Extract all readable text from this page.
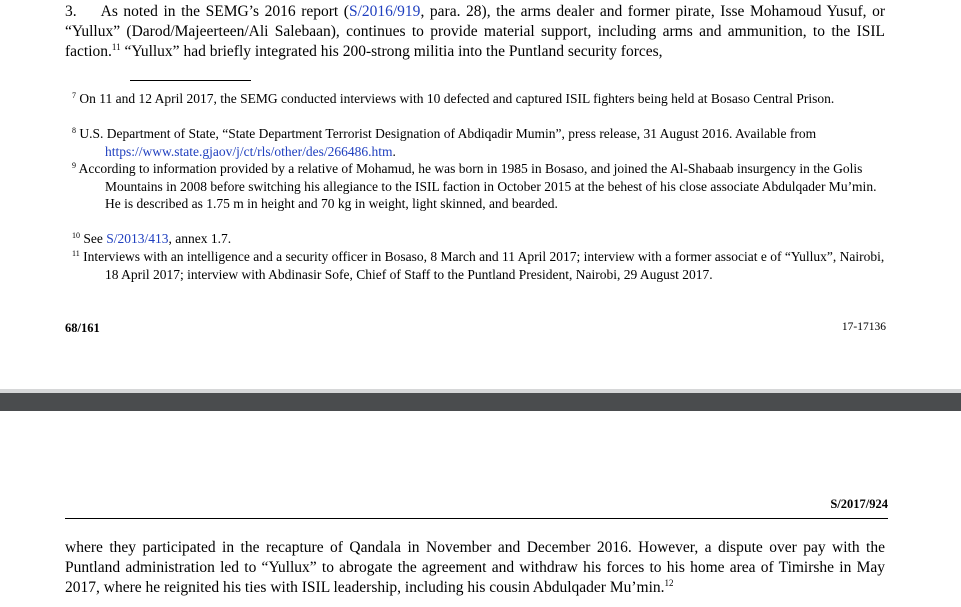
3. As noted in the SEMG’s 2016 report (S/2016/919, para. 28), the arms dealer and former pirate, Isse Mohamoud Yusuf, or “Yullux” (Darod/Majeerteen/Ali Salebaan), continues to provide material support, including arms and ammunition, to the ISIL faction.$^{11}$ “Yullux” had briefly integrated his 200-strong militia into the Puntland security forces,
$^7$ On 11 and 12 April 2017, the SEMG conducted interviews with 10 defected and captured ISIL fighters being held at Bosaso Central Prison.
$^8$ U.S. Department of State, “State Department Terrorist Designation of Abdiqadir Mumin”, press release, 31 August 2016. Available from https://www.state.gjaov/j/ct/rls/other/des/266486.htm.
$^9$ According to information provided by a relative of Mohamud, he was born in 1985 in Bosaso, and joined the Al-Shabaab insurgency in the Golis Mountains in 2008 before switching his allegiance to the ISIL faction in October 2015 at the behest of his close associate Abdulqader Mu’min. He is described as 1.75 m in height and 70 kg in weight, light skinned, and bearded.
$^{10}$ See S/2013/413, annex 1.7.
$^{11}$ Interviews with an intelligence and a security officer in Bosaso, 8 March and 11 April 2017; interview with a former associat e of “Yullux”, Nairobi, 18 April 2017; interview with Abdinasir Sofe, Chief of Staff to the Puntland President, Nairobi, 29 August 2017.
68/161	17-17136
S/2017/924
where they participated in the recapture of Qandala in November and December 2016. However, a dispute over pay with the Puntland administration led to “Yullux” to abrogate the agreement and withdraw his forces to his home area of Timirshe in May 2017, where he reignited his ties with ISIL leadership, including his cousin Abdulqader Mu’min.$^{12}$
